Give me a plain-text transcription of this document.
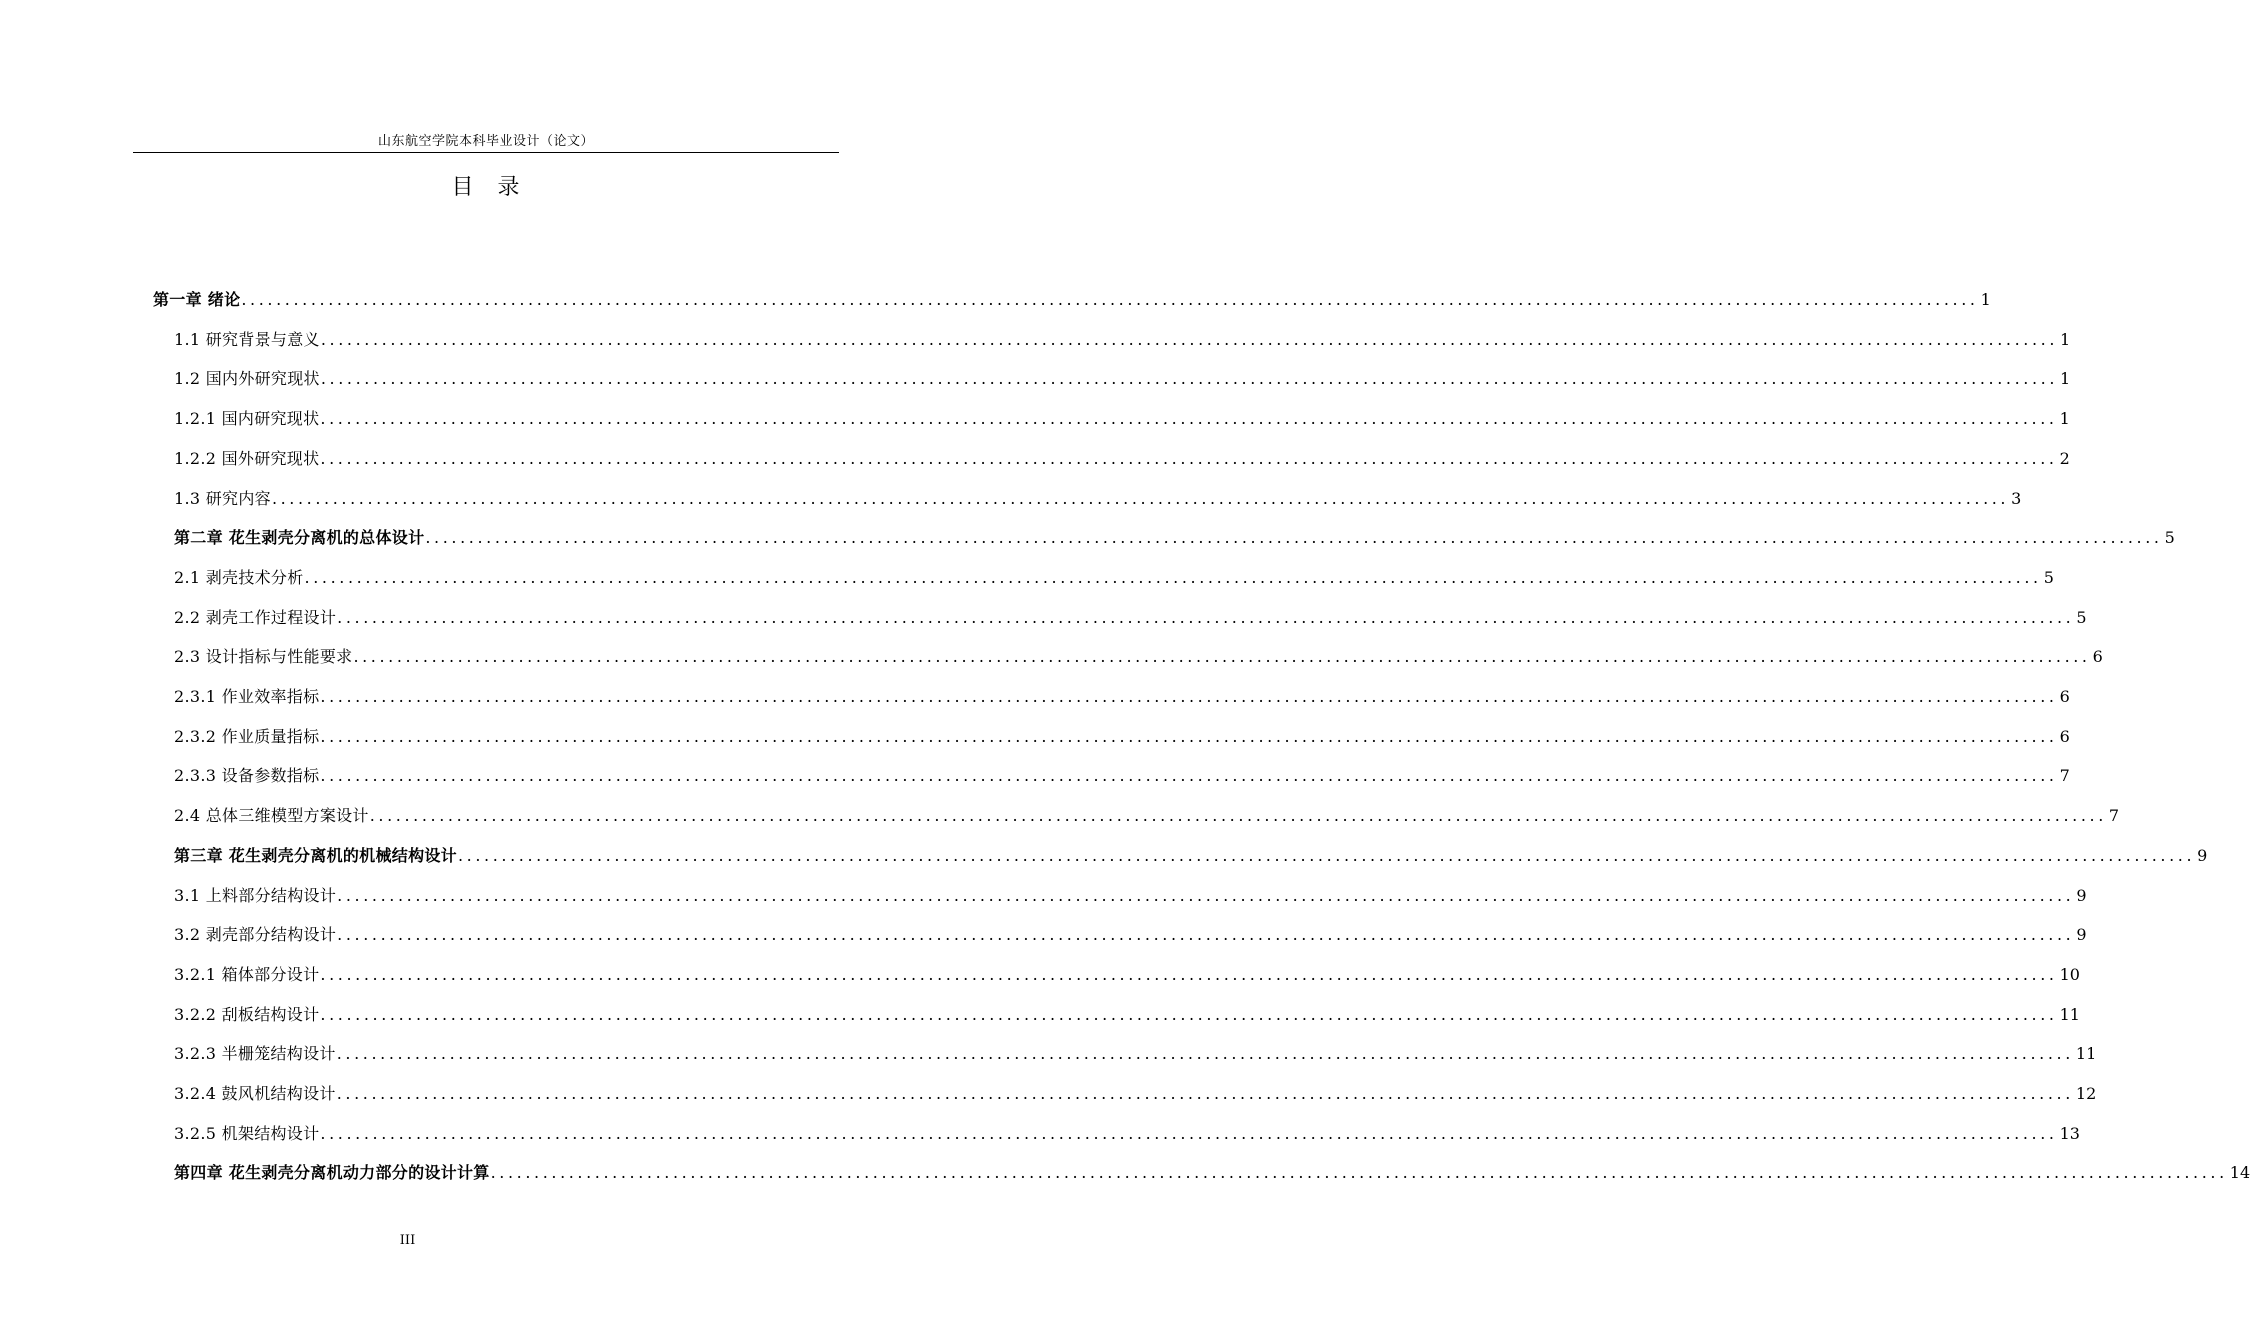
山东航空学院本科毕业设计（论文）
目　录
第一章 绪论 ........................................................................................................................................................................................................ 1
1.1 研究背景与意义 ........................................................................................................................................................................................................ 1
1.2 国内外研究现状 ........................................................................................................................................................................................................ 1
1.2.1 国内研究现状 ........................................................................................................................................................................................................ 1
1.2.2 国外研究现状 ........................................................................................................................................................................................................ 2
1.3 研究内容 ........................................................................................................................................................................................................ 3
第二章 花生剥壳分离机的总体设计 ........................................................................................................................................................................................................ 5
2.1 剥壳技术分析 ........................................................................................................................................................................................................ 5
2.2 剥壳工作过程设计 ........................................................................................................................................................................................................ 5
2.3 设计指标与性能要求 ........................................................................................................................................................................................................ 6
2.3.1 作业效率指标 ........................................................................................................................................................................................................ 6
2.3.2 作业质量指标 ........................................................................................................................................................................................................ 6
2.3.3 设备参数指标 ........................................................................................................................................................................................................ 7
2.4 总体三维模型方案设计 ........................................................................................................................................................................................................ 7
第三章 花生剥壳分离机的机械结构设计 ........................................................................................................................................................................................................ 9
3.1 上料部分结构设计 ........................................................................................................................................................................................................ 9
3.2 剥壳部分结构设计 ........................................................................................................................................................................................................ 9
3.2.1 箱体部分设计 ........................................................................................................................................................................................................ 10
3.2.2 刮板结构设计 ........................................................................................................................................................................................................ 11
3.2.3 半栅笼结构设计 ........................................................................................................................................................................................................ 11
3.2.4 鼓风机结构设计 ........................................................................................................................................................................................................ 12
3.2.5 机架结构设计 ........................................................................................................................................................................................................ 13
第四章 花生剥壳分离机动力部分的设计计算 ........................................................................................................................................................................................................ 14
III
